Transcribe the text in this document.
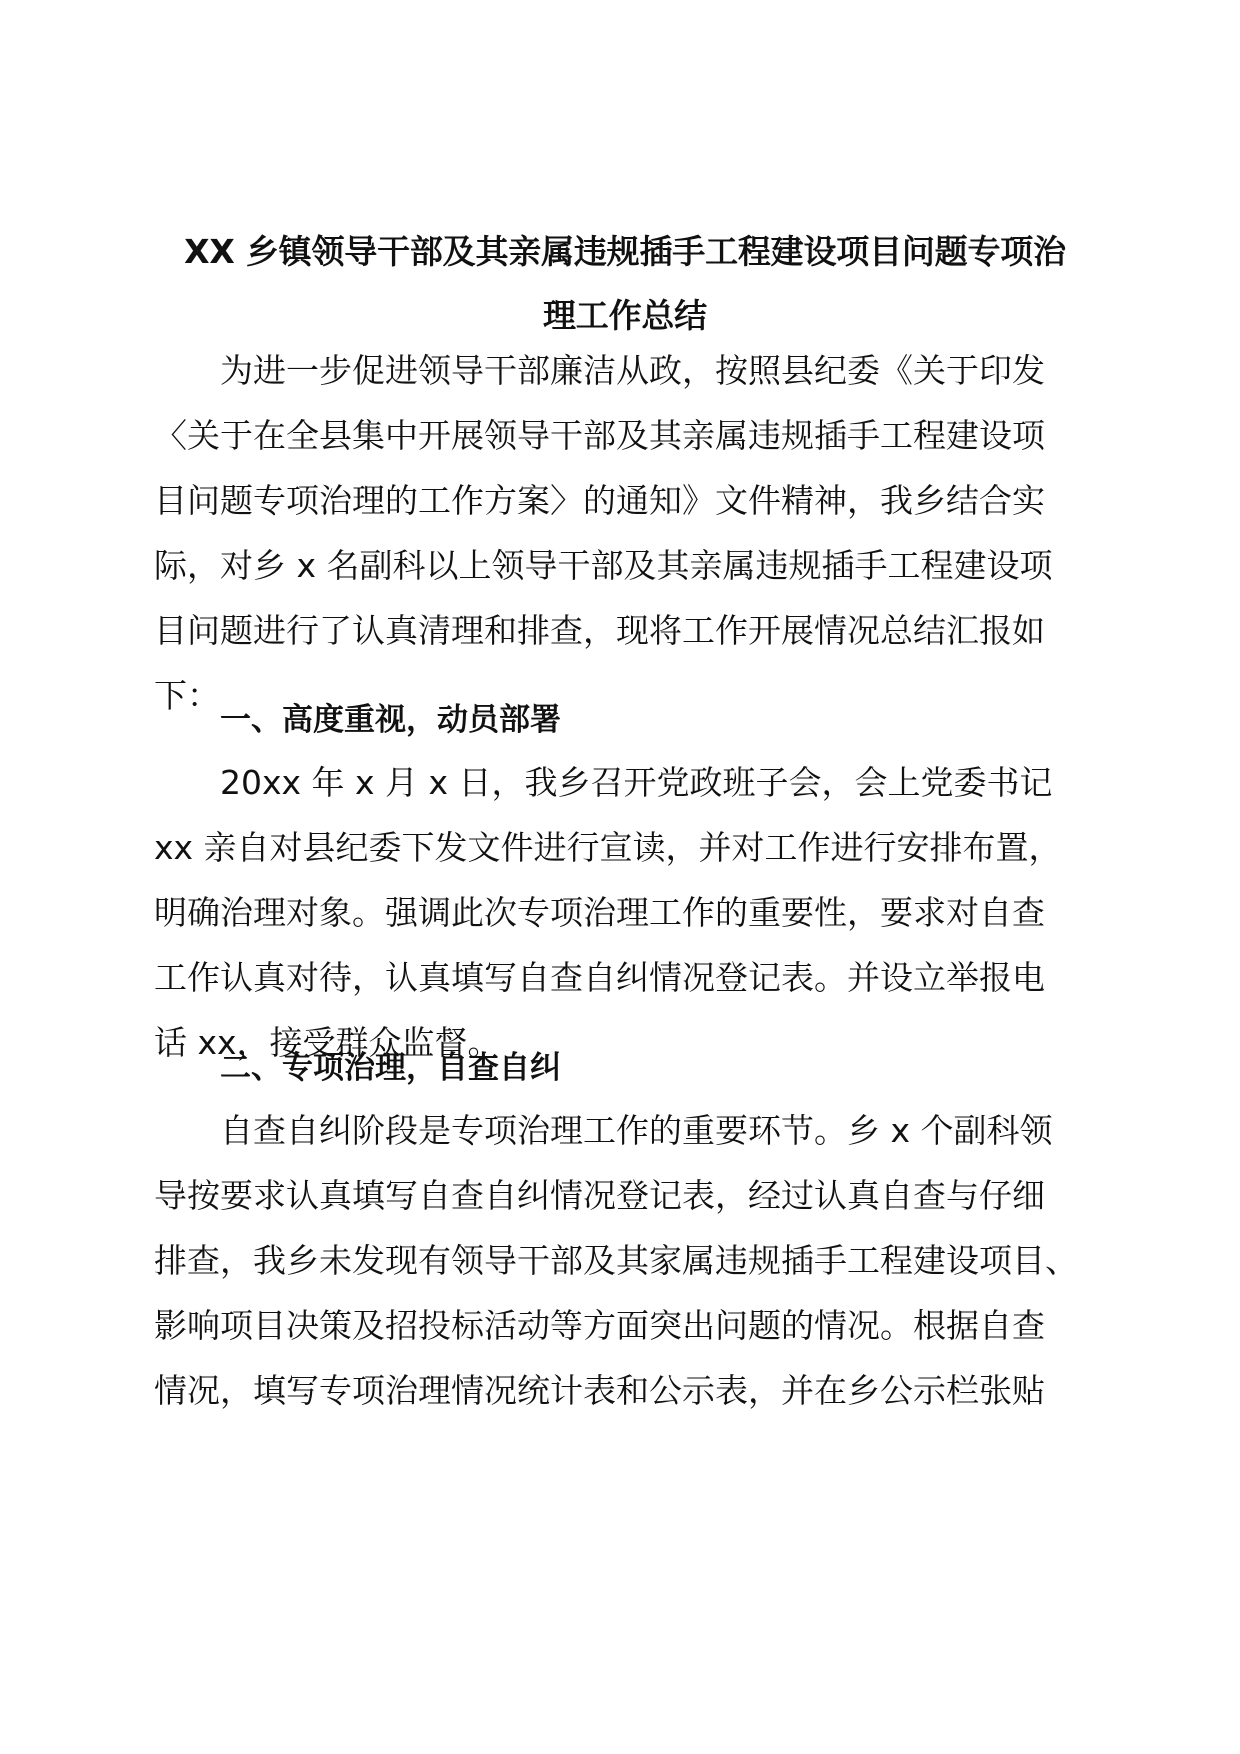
XX 乡镇领导干部及其亲属违规插手工程建设项目问题专项治
理工作总结

　　为进一步促进领导干部廉洁从政，按照县纪委《关于印发
〈关于在全县集中开展领导干部及其亲属违规插手工程建设项
目问题专项治理的工作方案〉的通知》文件精神，我乡结合实
际，对乡 x 名副科以上领导干部及其亲属违规插手工程建设项
目问题进行了认真清理和排查，现将工作开展情况总结汇报如
下：

一、高度重视，动员部署

　　20xx 年 x 月 x 日，我乡召开党政班子会，会上党委书记
xx 亲自对县纪委下发文件进行宣读，并对工作进行安排布置，
明确治理对象。强调此次专项治理工作的重要性，要求对自查
工作认真对待，认真填写自查自纠情况登记表。并设立举报电
话 xx，接受群众监督。

二、专项治理，自查自纠

　　自查自纠阶段是专项治理工作的重要环节。乡 x 个副科领
导按要求认真填写自查自纠情况登记表，经过认真自查与仔细
排查，我乡未发现有领导干部及其家属违规插手工程建设项目、
影响项目决策及招投标活动等方面突出问题的情况。根据自查
情况，填写专项治理情况统计表和公示表，并在乡公示栏张贴
